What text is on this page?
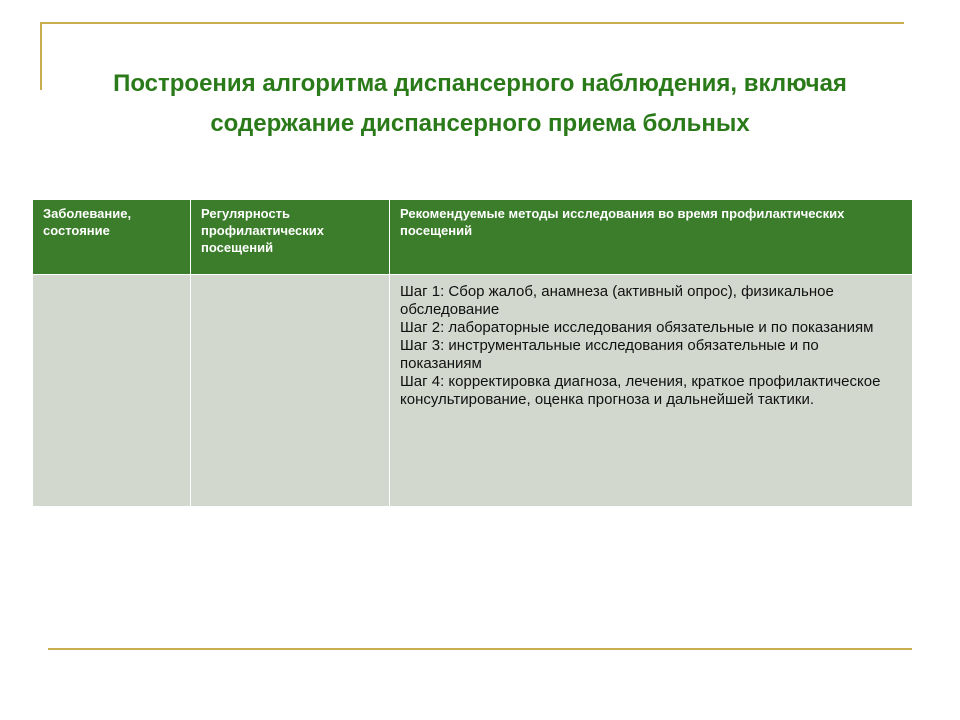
Построения алгоритма диспансерного наблюдения, включая
содержание диспансерного приема больных
Заболевание, состояние	Регулярность профилактических посещений	Рекомендуемые методы исследования во время профилактических посещений

		Шаг 1: Сбор жалоб, анамнеза (активный опрос), физикальное обследование
Шаг 2: лабораторные исследования обязательные и по показаниям
Шаг 3: инструментальные исследования обязательные и по показаниям
Шаг 4: корректировка диагноза, лечения, краткое профилактическое консультирование, оценка прогноза и дальнейшей тактики.
